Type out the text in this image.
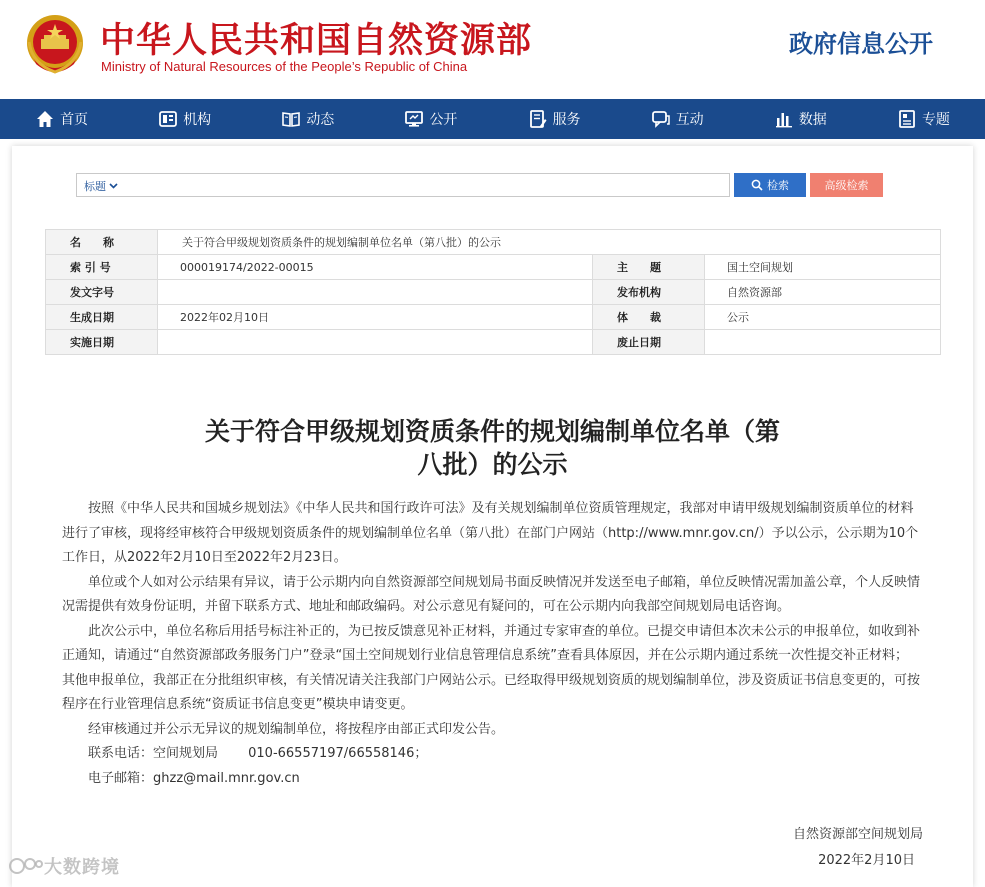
中华人民共和国自然资源部
Ministry of Natural Resources of the People’s Republic of China
政府信息公开
首页	机构	动态	公开	服务	互动	数据	专题
标题	检索	高级检索
名　　称	关于符合甲级规划资质条件的规划编制单位名单（第八批）的公示		
索 引 号	000019174/2022-00015	主　　题	国土空间规划
发文字号		发布机构	自然资源部
生成日期	2022年02月10日	体　　裁	公示
实施日期		废止日期	
关于符合甲级规划资质条件的规划编制单位名单（第
八批）的公示

按照《中华人民共和国城乡规划法》《中华人民共和国行政许可法》及有关规划编制单位资质管理规定，我部对申请甲级规划编制资质单位的材料进行了审核，现将经审核符合甲级规划资质条件的规划编制单位名单（第八批）在部门户网站（http://www.mnr.gov.cn/）予以公示，公示期为10个工作日，从2022年2月10日至2022年2月23日。

单位或个人如对公示结果有异议，请于公示期内向自然资源部空间规划局书面反映情况并发送至电子邮箱，单位反映情况需加盖公章，个人反映情况需提供有效身份证明，并留下联系方式、地址和邮政编码。对公示意见有疑问的，可在公示期内向我部空间规划局电话咨询。

此次公示中，单位名称后用括号标注补正的，为已按反馈意见补正材料，并通过专家审查的单位。已提交申请但本次未公示的申报单位，如收到补正通知，请通过“自然资源部政务服务门户”登录“国土空间规划行业信息管理信息系统”查看具体原因，并在公示期内通过系统一次性提交补正材料；其他申报单位，我部正在分批组织审核，有关情况请关注我部门户网站公示。已经取得甲级规划资质的规划编制单位，涉及资质证书信息变更的，可按程序在行业管理信息系统“资质证书信息变更”模块申请变更。

经审核通过并公示无异议的规划编制单位，将按程序由部正式印发公告。

联系电话：空间规划局　　 010-66557197/66558146；

电子邮箱：ghzz@mail.mnr.gov.cn

自然资源部空间规划局
2022年2月10日
大数跨境
